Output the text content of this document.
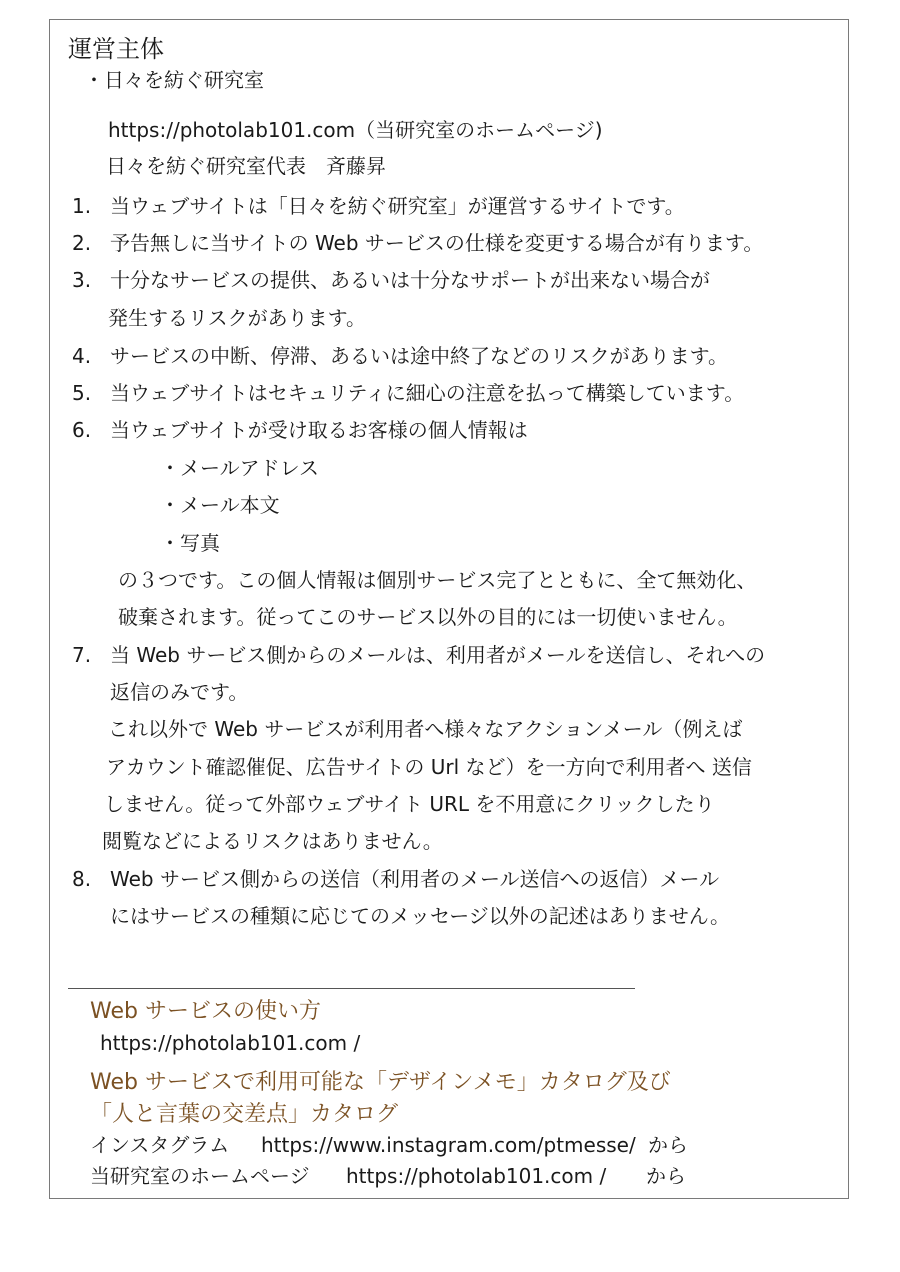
運営主体
・日々を紡ぐ研究室
https://photolab101.com（当研究室のホームページ)
日々を紡ぐ研究室代表　斉藤昇
1. 当ウェブサイトは「日々を紡ぐ研究室」が運営するサイトです。
2. 予告無しに当サイトの Web サービスの仕様を変更する場合が有ります。
3. 十分なサービスの提供、あるいは十分なサポートが出来ない場合が
発生するリスクがあります。
4. サービスの中断、停滞、あるいは途中終了などのリスクがあります。
5. 当ウェブサイトはセキュリティに細心の注意を払って構築しています。
6. 当ウェブサイトが受け取るお客様の個人情報は
・メールアドレス
・メール本文
・写真
の３つです。この個人情報は個別サービス完了とともに、全て無効化、
破棄されます。従ってこのサービス以外の目的には一切使いません。
7. 当 Web サービス側からのメールは、利用者がメールを送信し、それへの
返信のみです。
これ以外で Web サービスが利用者へ様々なアクションメール（例えば
アカウント確認催促、広告サイトの Url など）を一方向で利用者へ 送信
しません。従って外部ウェブサイト URL を不用意にクリックしたり
閲覧などによるリスクはありません。
8. Web サービス側からの送信（利用者のメール送信への返信）メール
にはサービスの種類に応じてのメッセージ以外の記述はありません。
Web サービスの使い方
https://photolab101.com /
Web サービスで利用可能な「デザインメモ」カタログ及び
「人と言葉の交差点」カタログ
インスタグラム https://www.instagram.com/ptmesse/ から
当研究室のホームページ https://photolab101.com / から
